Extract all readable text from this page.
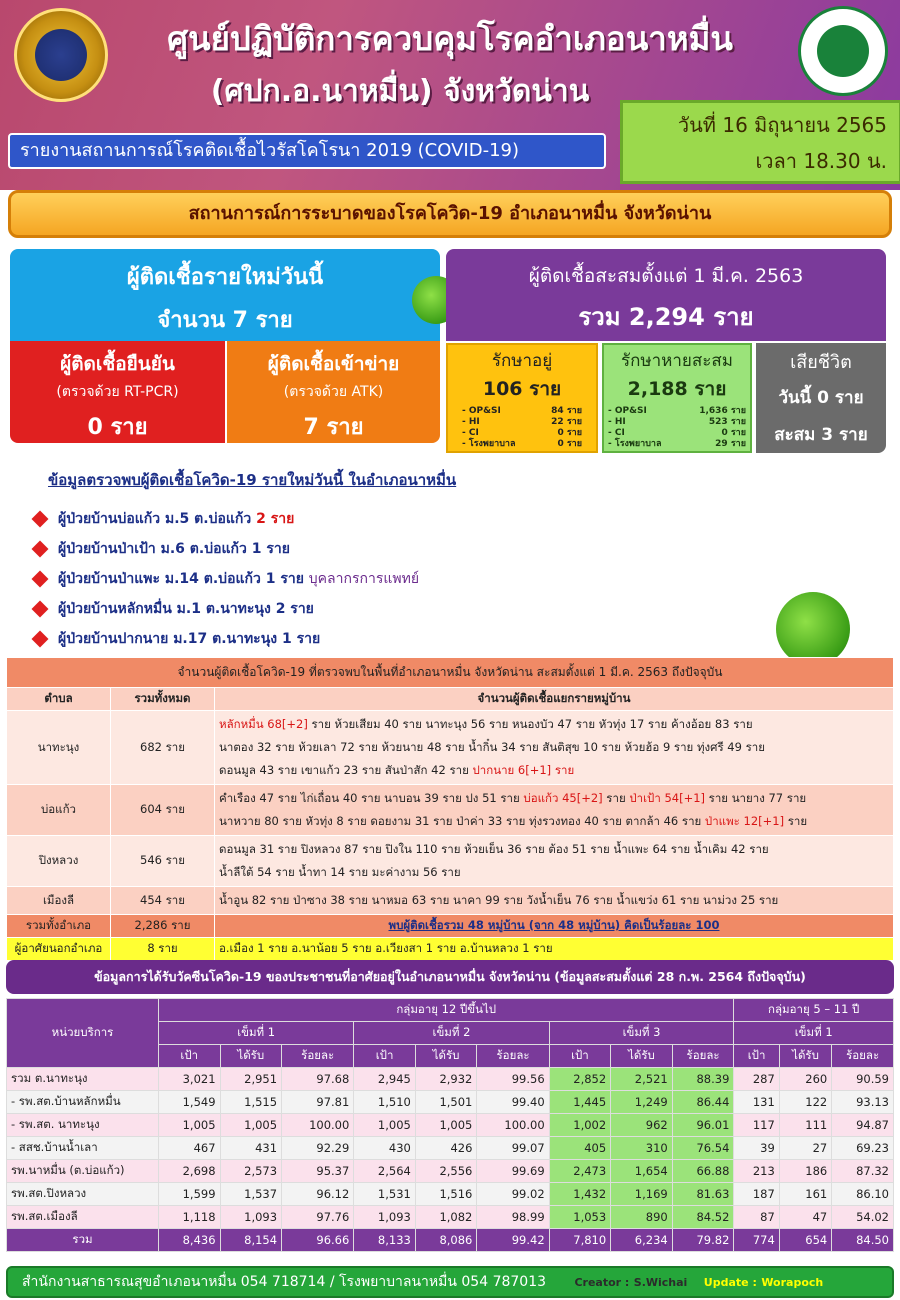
ศูนย์ปฏิบัติการควบคุมโรคอำเภอนาหมื่น
(ศปก.อ.นาหมื่น) จังหวัดน่าน
รายงานสถานการณ์โรคติดเชื้อไวรัสโคโรนา 2019 (COVID-19)
วันที่ 16 มิถุนายน 2565
เวลา 18.30 น.
สถานการณ์การระบาดของโรคโควิด-19 อำเภอนาหมื่น จังหวัดน่าน
ผู้ติดเชื้อรายใหม่วันนี้
จำนวน 7 ราย
ผู้ติดเชื้อยืนยัน
(ตรวจด้วย RT-PCR)
0 ราย
ผู้ติดเชื้อเข้าข่าย
(ตรวจด้วย ATK)
7 ราย
ผู้ติดเชื้อสะสมตั้งแต่ 1 มี.ค. 2563
รวม 2,294 ราย
รักษาอยู่
106 ราย
- OP&SI	84 ราย
- HI	22 ราย
- CI	0 ราย
- โรงพยาบาล	0 ราย
รักษาหายสะสม
2,188 ราย
- OP&SI	1,636 ราย
- HI	523 ราย
- CI	0 ราย
- โรงพยาบาล	29 ราย
เสียชีวิต
วันนี้ 0 ราย
สะสม 3 ราย
ข้อมูลตรวจพบผู้ติดเชื้อโควิด-19 รายใหม่วันนี้ ในอำเภอนาหมื่น
ผู้ป่วยบ้านบ่อแก้ว ม.5 ต.บ่อแก้ว 2 ราย
ผู้ป่วยบ้านป่าเป้า ม.6 ต.บ่อแก้ว 1 ราย
ผู้ป่วยบ้านป่าแพะ ม.14 ต.บ่อแก้ว 1 ราย บุคลากรการแพทย์
ผู้ป่วยบ้านหลักหมื่น ม.1 ต.นาทะนุง 2 ราย
ผู้ป่วยบ้านปากนาย ม.17 ต.นาทะนุง 1 ราย
จำนวนผู้ติดเชื้อโควิด-19 ที่ตรวจพบในพื้นที่อำเภอนาหมื่น จังหวัดน่าน สะสมตั้งแต่ 1 มี.ค. 2563 ถึงปัจจุบัน		
ตำบล	รวมทั้งหมด	จำนวนผู้ติดเชื้อแยกรายหมู่บ้าน
นาทะนุง	682 ราย	หลักหมื่น 68[+2] ราย ห้วยเสียม 40 ราย นาทะนุง 56 ราย หนองบัว 47 ราย หัวทุ่ง 17 ราย ค้างอ้อย 83 ราย
นาตอง 32 ราย ห้วยเลา 72 ราย ห้วยนาย 48 ราย น้ำกิ๋น 34 ราย สันติสุข 10 ราย ห้วยฮ้อ 9 ราย ทุ่งศรี 49 ราย
ดอนมูล 43 ราย เขาแก้ว 23 ราย สันป่าสัก 42 ราย ปากนาย 6[+1] ราย

บ่อแก้ว	604 ราย	คำเรือง 47 ราย ไก่เถื่อน 40 ราย นาบอน 39 ราย ปง 51 ราย บ่อแก้ว 45[+2] ราย ป่าเป้า 54[+1] ราย นายาง 77 ราย
นาหวาย 80 ราย หัวทุ่ง 8 ราย ดอยงาม 31 ราย ป่าค่า 33 ราย ทุ่งรวงทอง 40 ราย ตากล้า 46 ราย ป่าแพะ 12[+1] ราย

ปิงหลวง	546 ราย	ดอนมูล 31 ราย ปิงหลวง 87 ราย ปิงใน 110 ราย ห้วยเย็น 36 ราย ต้อง 51 ราย น้ำแพะ 64 ราย น้ำเคิม 42 ราย
น้ำลีใต้ 54 ราย น้ำทา 14 ราย มะค่างาม 56 ราย

เมืองลี	454 ราย	น้ำอูน 82 ราย ป่าซาง 38 ราย นาหมอ 63 ราย นาคา 99 ราย วังน้ำเย็น 76 ราย น้ำแขว่ง 61 ราย นาม่วง 25 ราย

รวมทั้งอำเภอ	2,286 ราย	พบผู้ติดเชื้อรวม 48 หมู่บ้าน (จาก 48 หมู่บ้าน) คิดเป็นร้อยละ 100
ผู้อาศัยนอกอำเภอ	8 ราย	อ.เมือง 1 ราย อ.นาน้อย 5 ราย อ.เวียงสา 1 ราย อ.บ้านหลวง 1 ราย
ข้อมูลการได้รับวัคซีนโควิด-19 ของประชาชนที่อาศัยอยู่ในอำเภอนาหมื่น จังหวัดน่าน (ข้อมูลสะสมตั้งแต่ 28 ก.พ. 2564 ถึงปัจจุบัน)
หน่วยบริการ	กลุ่มอายุ 12 ปีขึ้นไป									กลุ่มอายุ 5 – 11 ปี		
	เข็มที่ 1			เข็มที่ 2			เข็มที่ 3			เข็มที่ 1		
	เป้า	ได้รับ	ร้อยละ	เป้า	ได้รับ	ร้อยละ	เป้า	ได้รับ	ร้อยละ	เป้า	ได้รับ	ร้อยละ
รวม ต.นาทะนุง	3,021	2,951	97.68	2,945	2,932	99.56	2,852	2,521	88.39	287	260	90.59
- รพ.สต.บ้านหลักหมื่น	1,549	1,515	97.81	1,510	1,501	99.40	1,445	1,249	86.44	131	122	93.13
- รพ.สต. นาทะนุง	1,005	1,005	100.00	1,005	1,005	100.00	1,002	962	96.01	117	111	94.87
- สสช.บ้านน้ำเลา	467	431	92.29	430	426	99.07	405	310	76.54	39	27	69.23
รพ.นาหมื่น (ต.บ่อแก้ว)	2,698	2,573	95.37	2,564	2,556	99.69	2,473	1,654	66.88	213	186	87.32
รพ.สต.ปิงหลวง	1,599	1,537	96.12	1,531	1,516	99.02	1,432	1,169	81.63	187	161	86.10
รพ.สต.เมืองลี	1,118	1,093	97.76	1,093	1,082	98.99	1,053	890	84.52	87	47	54.02
รวม	8,436	8,154	96.66	8,133	8,086	99.42	7,810	6,234	79.82	774	654	84.50
สำนักงานสาธารณสุขอำเภอนาหมื่น 054 718714 / โรงพยาบาลนาหมื่น 054 787013	Creator : S.Wichai Update : Worapoch
